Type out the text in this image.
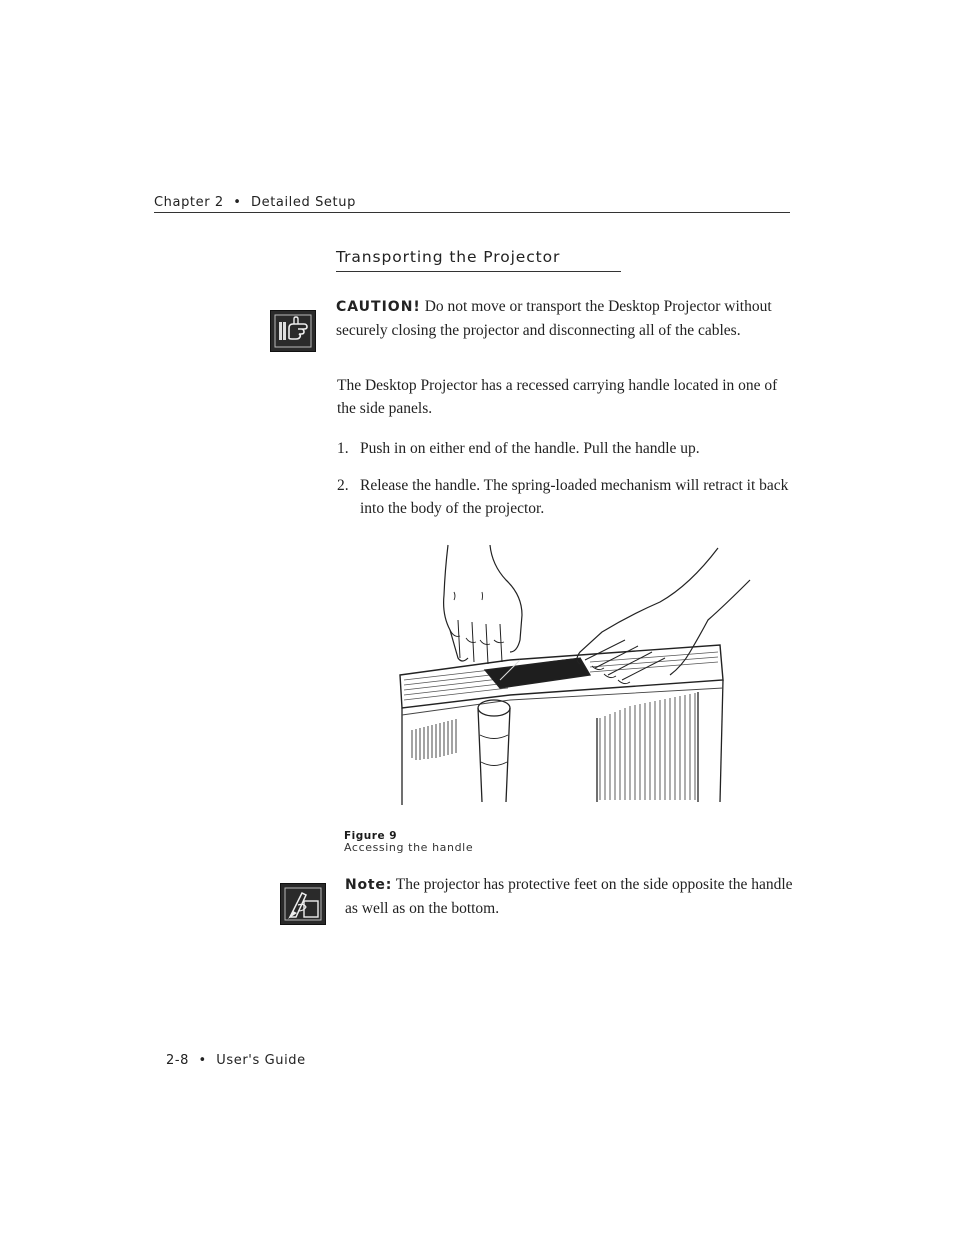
Chapter 2 • Detailed Setup
Transporting the Projector
CAUTION! Do not move or transport the Desktop Projector without securely closing the projector and disconnecting all of the cables.
The Desktop Projector has a recessed carrying handle located in one of the side panels.
1. Push in on either end of the handle. Pull the handle up.
2. Release the handle. The spring-loaded mechanism will retract it back into the body of the projector.
Figure 9
Accessing the handle
Note: The projector has protective feet on the side opposite the handle as well as on the bottom.
2-8 • User's Guide
